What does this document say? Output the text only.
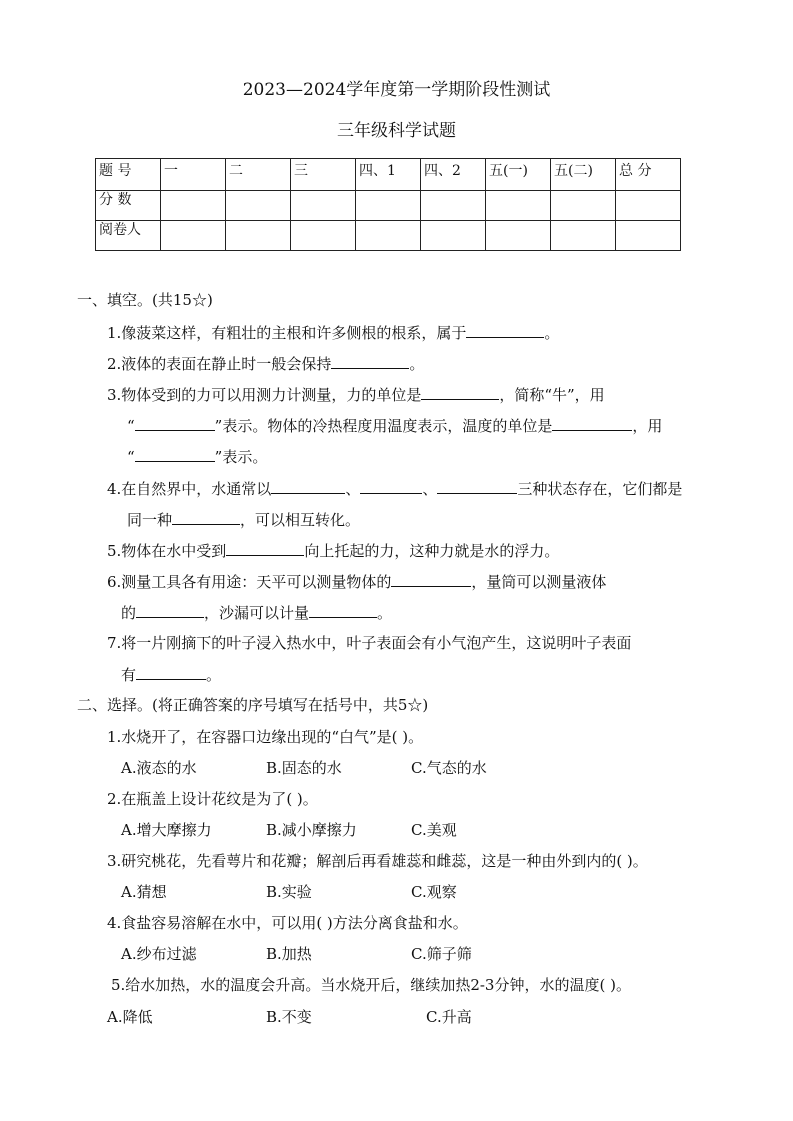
2023—2024学年度第一学期阶段性测试
三年级科学试题
题 号	一	二	三	四、1	四、2	五(一)	五(二)	总 分
分 数								
阅卷人								
一、填空。(共15☆)
1.像菠菜这样，有粗壮的主根和许多侧根的根系，属于	。
2.液体的表面在静止时一般会保持	。
3.物体受到的力可以用测力计测量，力的单位是	，简称“牛”，用
“	”表示。物体的冷热程度用温度表示，温度的单位是	，用
“	”表示。
4.在自然界中，水通常以	、	、	三种状态存在，它们都是
同一种	，可以相互转化。
5.物体在水中受到	向上托起的力，这种力就是水的浮力。
6.测量工具各有用途：天平可以测量物体的	，量筒可以测量液体
的	，沙漏可以计量	。
7.将一片刚摘下的叶子浸入热水中，叶子表面会有小气泡产生，这说明叶子表面
有	。
二、选择。(将正确答案的序号填写在括号中，共5☆)
1.水烧开了，在容器口边缘出现的“白气”是( )。
A.液态的水	B.固态的水	C.气态的水
2.在瓶盖上设计花纹是为了( )。
A.增大摩擦力	B.减小摩擦力	C.美观
3.研究桃花，先看萼片和花瓣；解剖后再看雄蕊和雌蕊，这是一种由外到内的( )。
A.猜想	B.实验	C.观察
4.食盐容易溶解在水中，可以用( )方法分离食盐和水。
A.纱布过滤	B.加热	C.筛子筛
5.给水加热，水的温度会升高。当水烧开后，继续加热2-3分钟，水的温度( )。
A.降低	B.不变	C.升高
